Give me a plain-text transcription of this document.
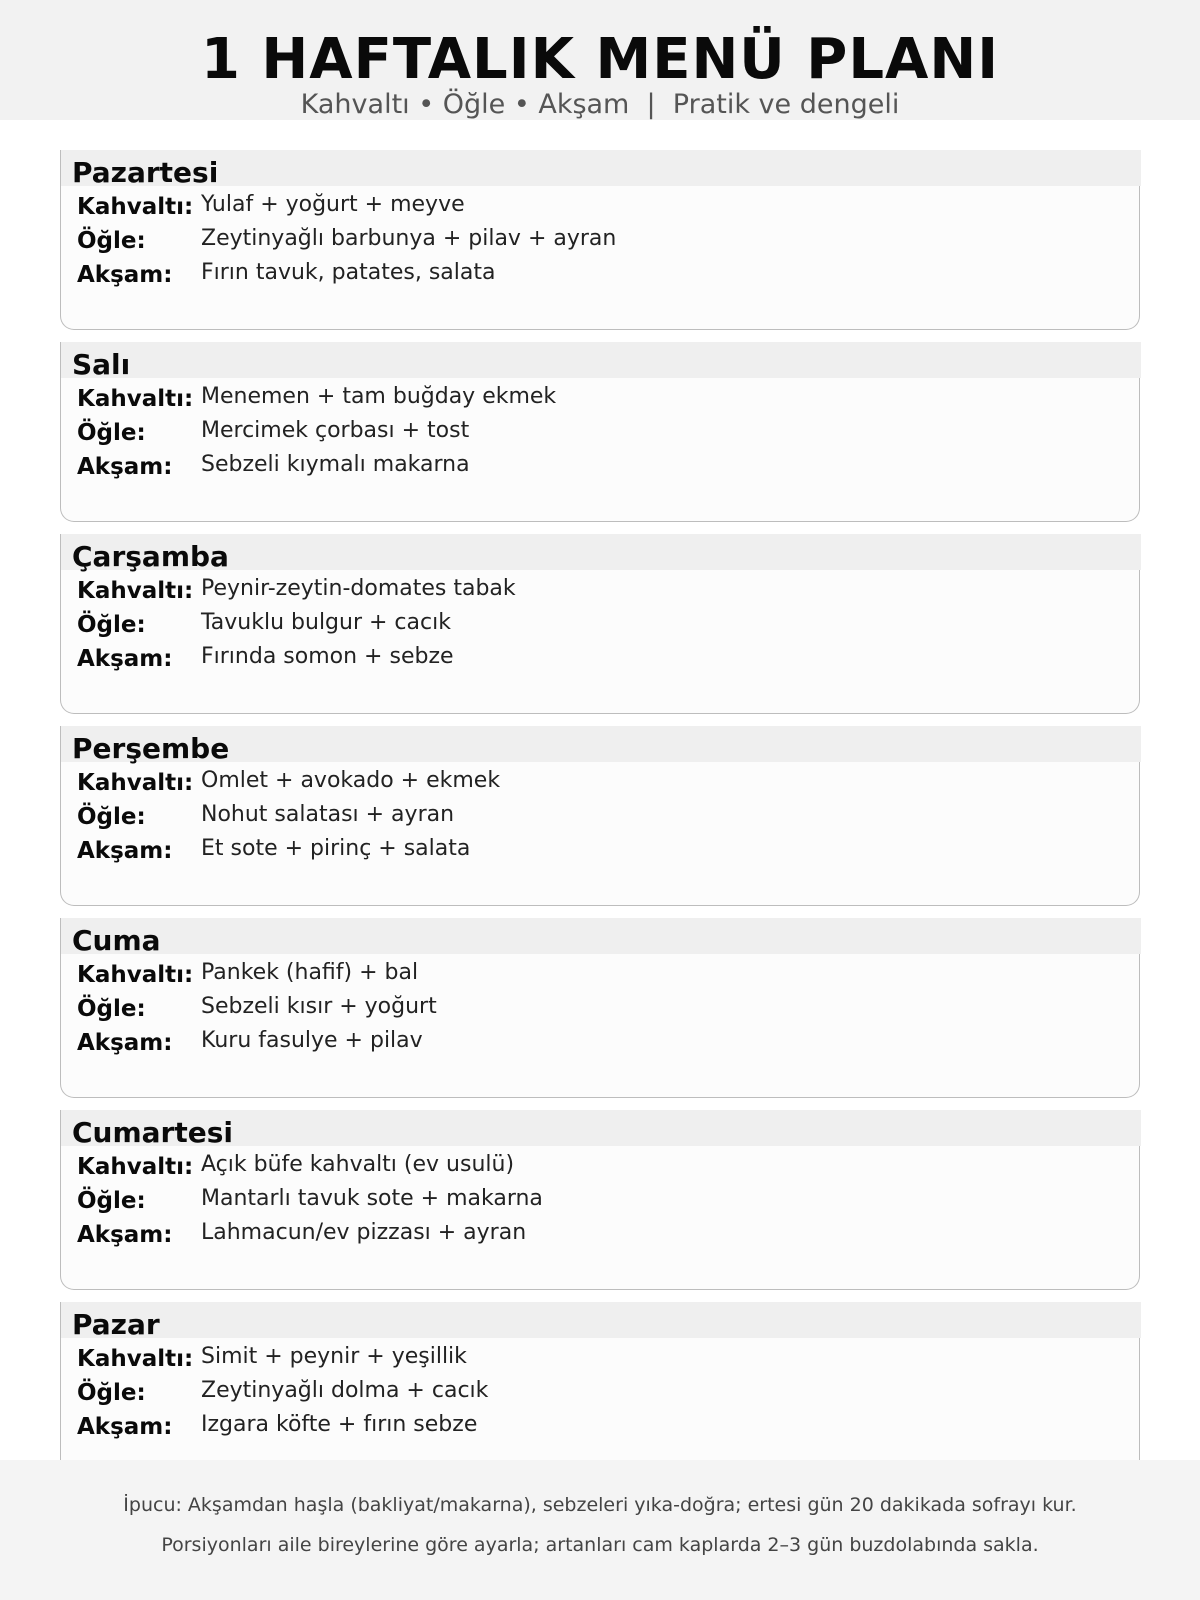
1 HAFTALIK MENÜ PLANI
Kahvaltı • Öğle • Akşam  |  Pratik ve dengeli
Pazartesi
Kahvaltı: Yulaf + yoğurt + meyve
Öğle:	Zeytinyağlı barbunya + pilav + ayran
Akşam: Fırın tavuk, patates, salata
Salı
Kahvaltı: Menemen + tam buğday ekmek
Öğle:	Mercimek çorbası + tost
Akşam: Sebzeli kıymalı makarna
Çarşamba
Kahvaltı: Peynir-zeytin-domates tabak
Öğle:	Tavuklu bulgur + cacık
Akşam: Fırında somon + sebze
Perşembe
Kahvaltı: Omlet + avokado + ekmek
Öğle:	Nohut salatası + ayran
Akşam: Et sote + pirinç + salata
Cuma
Kahvaltı: Pankek (hafif) + bal
Öğle:	Sebzeli kısır + yoğurt
Akşam: Kuru fasulye + pilav
Cumartesi
Kahvaltı: Açık büfe kahvaltı (ev usulü)
Öğle:	Mantarlı tavuk sote + makarna
Akşam: Lahmacun/ev pizzası + ayran
Pazar
Kahvaltı: Simit + peynir + yeşillik
Öğle:	Zeytinyağlı dolma + cacık
Akşam: Izgara köfte + fırın sebze
İpucu: Akşamdan haşla (bakliyat/makarna), sebzeleri yıka-doğra; ertesi gün 20 dakikada sofrayı kur.
Porsiyonları aile bireylerine göre ayarla; artanları cam kaplarda 2–3 gün buzdolabında sakla.
